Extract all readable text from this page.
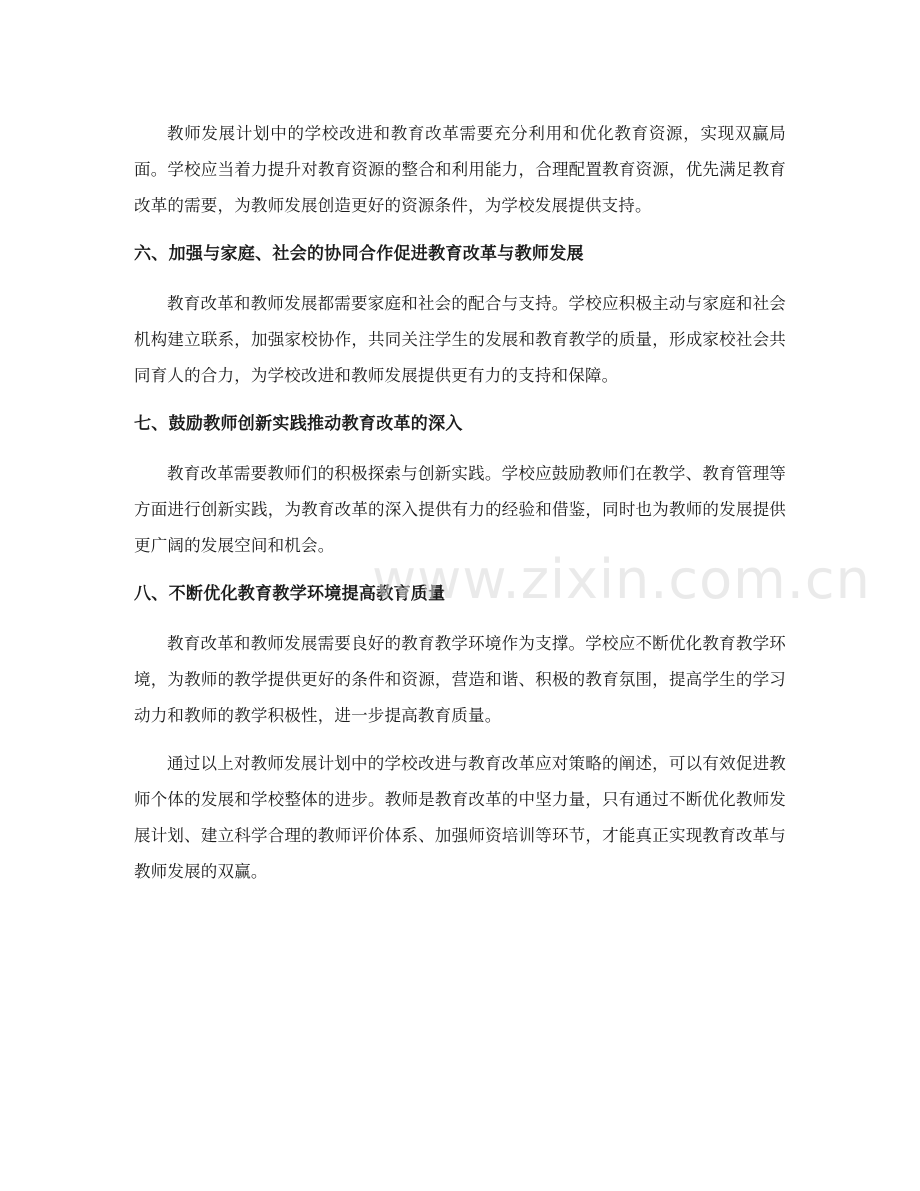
教师发展计划中的学校改进和教育改革需要充分利用和优化教育资源，实现双赢局面。学校应当着力提升对教育资源的整合和利用能力，合理配置教育资源，优先满足教育改革的需要，为教师发展创造更好的资源条件，为学校发展提供支持。

六、加强与家庭、社会的协同合作促进教育改革与教师发展

教育改革和教师发展都需要家庭和社会的配合与支持。学校应积极主动与家庭和社会机构建立联系，加强家校协作，共同关注学生的发展和教育教学的质量，形成家校社会共同育人的合力，为学校改进和教师发展提供更有力的支持和保障。

七、鼓励教师创新实践推动教育改革的深入

教育改革需要教师们的积极探索与创新实践。学校应鼓励教师们在教学、教育管理等方面进行创新实践，为教育改革的深入提供有力的经验和借鉴，同时也为教师的发展提供更广阔的发展空间和机会。

八、不断优化教育教学环境提高教育质量

教育改革和教师发展需要良好的教育教学环境作为支撑。学校应不断优化教育教学环境，为教师的教学提供更好的条件和资源，营造和谐、积极的教育氛围，提高学生的学习动力和教师的教学积极性，进一步提高教育质量。

通过以上对教师发展计划中的学校改进与教育改革应对策略的阐述，可以有效促进教师个体的发展和学校整体的进步。教师是教育改革的中坚力量，只有通过不断优化教师发展计划、建立科学合理的教师评价体系、加强师资培训等环节，才能真正实现教育改革与教师发展的双赢。

www.zixin.com.cn
